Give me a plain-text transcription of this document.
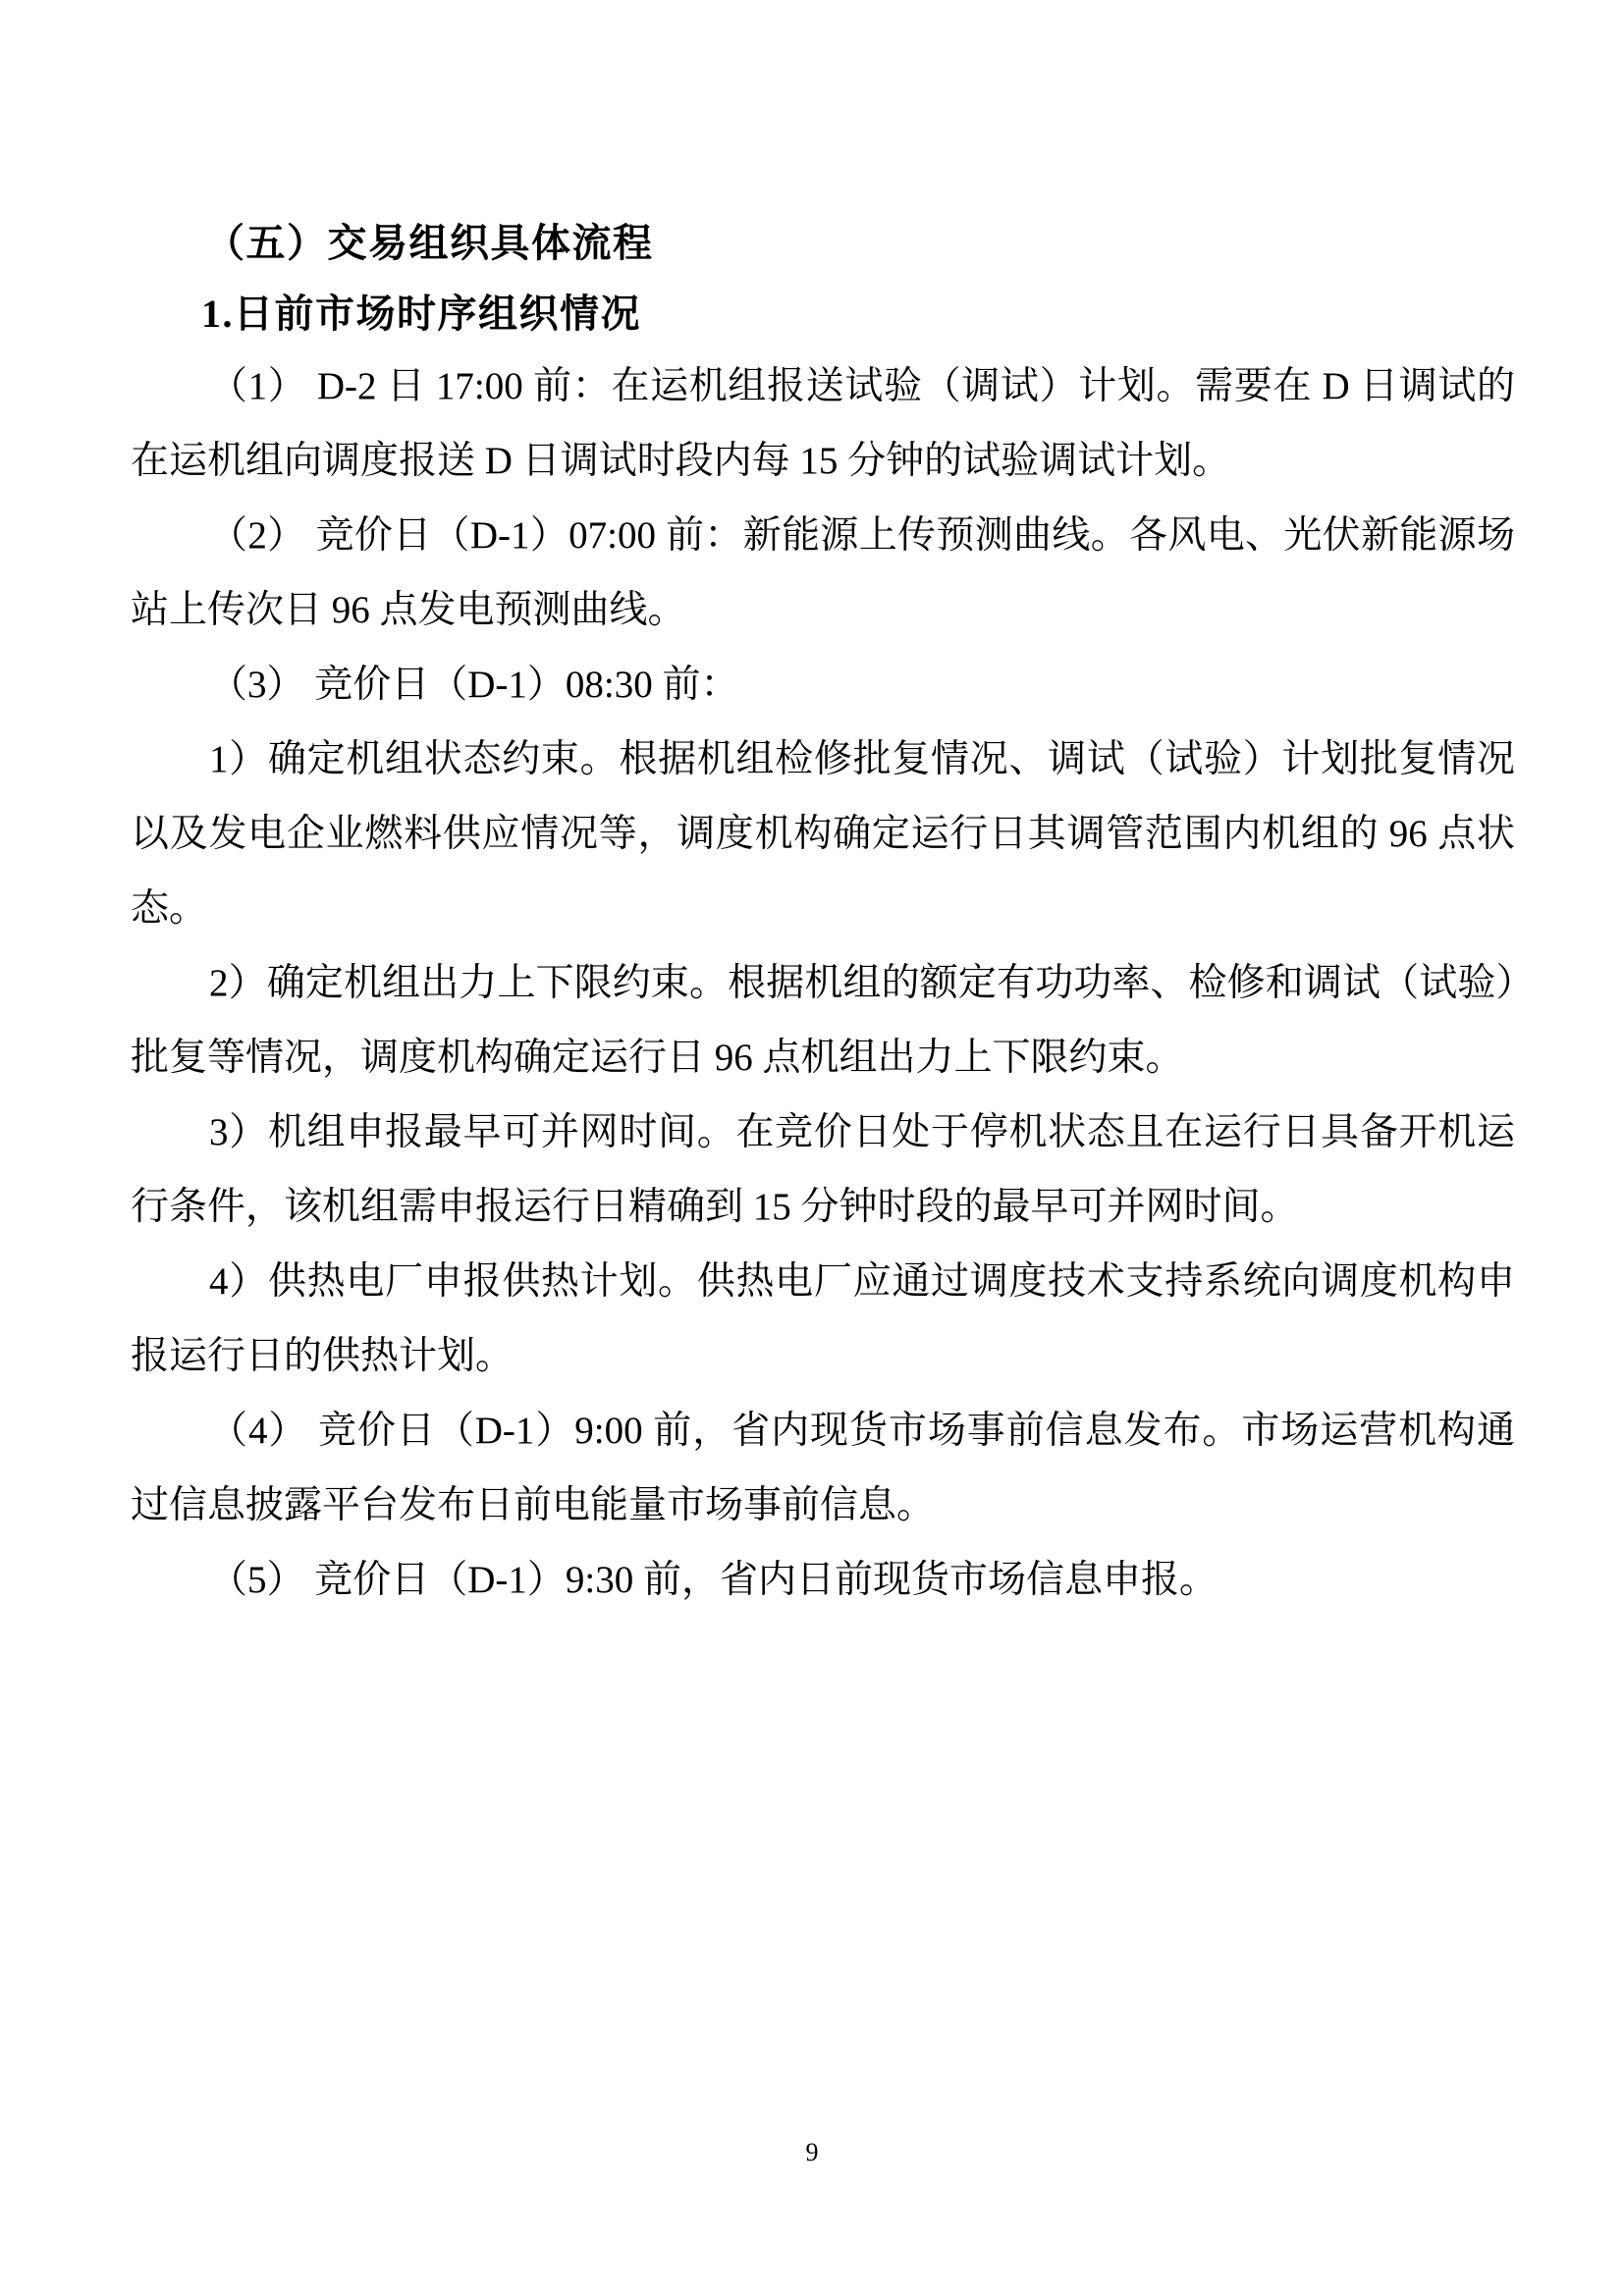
（五）交易组织具体流程
1.日前市场时序组织情况

（1） D-2 日 17:00 前：在运机组报送试验（调试）计划。需要在 D 日调试的在运机组向调度报送 D 日调试时段内每 15 分钟的试验调试计划。

（2） 竞价日（D-1）07:00 前：新能源上传预测曲线。各风电、光伏新能源场站上传次日 96 点发电预测曲线。

（3） 竞价日（D-1）08:30 前：

1）确定机组状态约束。根据机组检修批复情况、调试（试验）计划批复情况以及发电企业燃料供应情况等，调度机构确定运行日其调管范围内机组的 96 点状态。

2）确定机组出力上下限约束。根据机组的额定有功功率、检修和调试（试验）批复等情况，调度机构确定运行日 96 点机组出力上下限约束。

3）机组申报最早可并网时间。在竞价日处于停机状态且在运行日具备开机运行条件，该机组需申报运行日精确到 15 分钟时段的最早可并网时间。

4）供热电厂申报供热计划。供热电厂应通过调度技术支持系统向调度机构申报运行日的供热计划。

（4） 竞价日（D-1）9:00 前，省内现货市场事前信息发布。市场运营机构通过信息披露平台发布日前电能量市场事前信息。

（5） 竞价日（D-1）9:30 前，省内日前现货市场信息申报。

9
